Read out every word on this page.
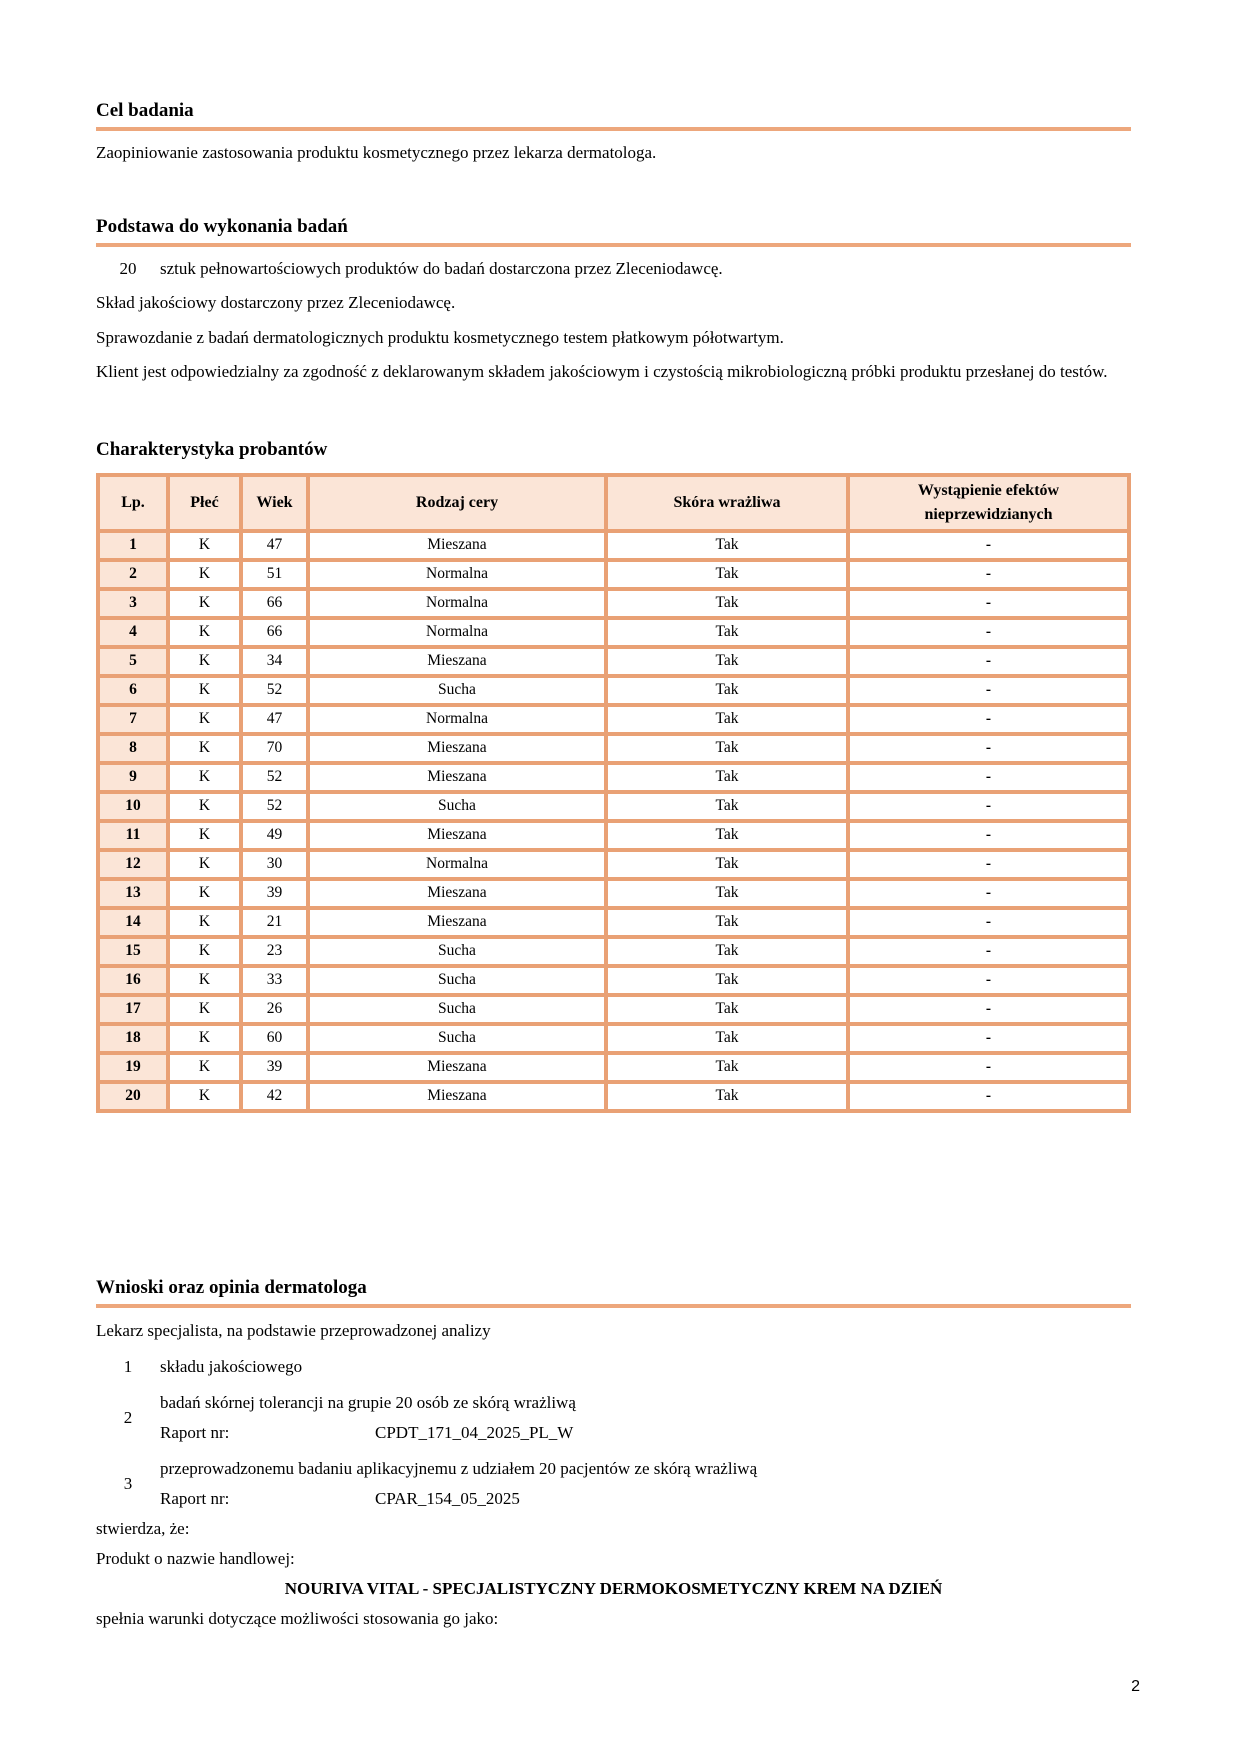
Cel badania

Zaopiniowanie zastosowania produktu kosmetycznego przez lekarza dermatologa.

Podstawa do wykonania badań
20	sztuk pełnowartościowych produktów do badań dostarczona przez Zleceniodawcę.

Skład jakościowy dostarczony przez Zleceniodawcę.

Sprawozdanie z badań dermatologicznych produktu kosmetycznego testem płatkowym półotwartym.

Klient jest odpowiedzialny za zgodność z deklarowanym składem jakościowym i czystością mikrobiologiczną próbki produktu przesłanej do testów.

Charakterystyka probantów
Lp.	Płeć	Wiek	Rodzaj cery	Skóra wrażliwa	Wystąpienie efektów nieprzewidzianych
1	K	47	Mieszana	Tak	-
2	K	51	Normalna	Tak	-
3	K	66	Normalna	Tak	-
4	K	66	Normalna	Tak	-
5	K	34	Mieszana	Tak	-
6	K	52	Sucha	Tak	-
7	K	47	Normalna	Tak	-
8	K	70	Mieszana	Tak	-
9	K	52	Mieszana	Tak	-
10	K	52	Sucha	Tak	-
11	K	49	Mieszana	Tak	-
12	K	30	Normalna	Tak	-
13	K	39	Mieszana	Tak	-
14	K	21	Mieszana	Tak	-
15	K	23	Sucha	Tak	-
16	K	33	Sucha	Tak	-
17	K	26	Sucha	Tak	-
18	K	60	Sucha	Tak	-
19	K	39	Mieszana	Tak	-
20	K	42	Mieszana	Tak	-
Wnioski oraz opinia dermatologa

Lekarz specjalista, na podstawie przeprowadzonej analizy

1	składu jakościowego
2
badań skórnej tolerancji na grupie 20 osób ze skórą wrażliwą
Raport nr:	CPDT_171_04_2025_PL_W
3
przeprowadzonemu badaniu aplikacyjnemu z udziałem 20 pacjentów ze skórą wrażliwą
Raport nr:	CPAR_154_05_2025

stwierdza, że:

Produkt o nazwie handlowej:

NOURIVA VITAL - SPECJALISTYCZNY DERMOKOSMETYCZNY KREM NA DZIEŃ

spełnia warunki dotyczące możliwości stosowania go jako:

2
